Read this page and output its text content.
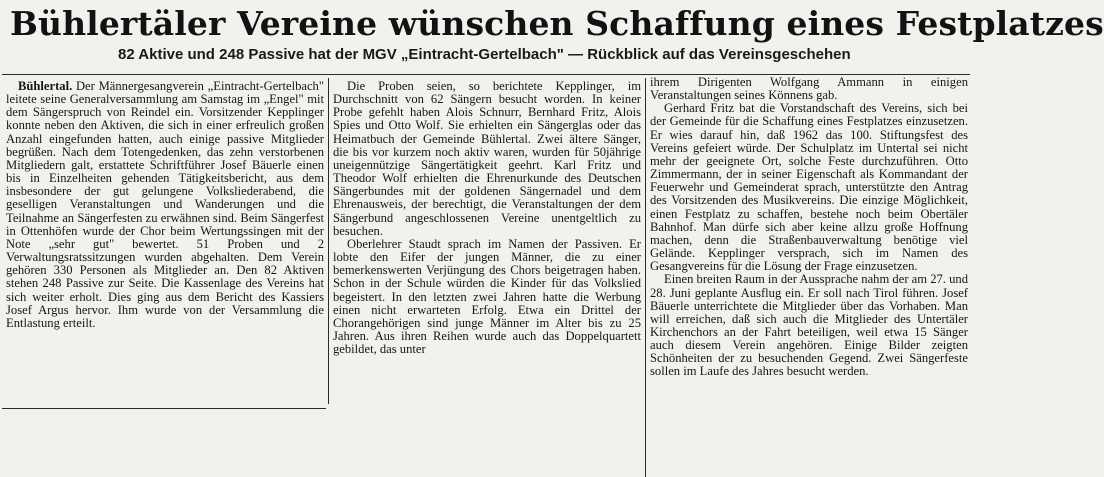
Bühlertäler Vereine wünschen Schaffung eines Festplatzes
82 Aktive und 248 Passive hat der MGV „Eintracht-Gertelbach" — Rückblick auf das Vereinsgeschehen

Bühlertal. Der Männergesangverein „Eintracht-Gertelbach" leitete seine Generalversammlung am Samstag im „Engel" mit dem Sängerspruch von Reindel ein. Vorsitzender Kepplinger konnte neben den Aktiven, die sich in einer erfreulich großen Anzahl eingefunden hatten, auch einige passive Mitglieder begrüßen. Nach dem Totengedenken, das zehn verstorbenen Mitgliedern galt, erstattete Schriftführer Josef Bäuerle einen bis in Einzelheiten gehenden Tätigkeitsbericht, aus dem insbesondere der gut gelungene Volksliederabend, die geselligen Veranstaltungen und Wanderungen und die Teilnahme an Sängerfesten zu erwähnen sind. Beim Sängerfest in Ottenhöfen wurde der Chor beim Wertungssingen mit der Note „sehr gut" bewertet. 51 Proben und 2 Verwaltungsratssitzungen wurden abgehalten. Dem Verein gehören 330 Personen als Mitglieder an. Den 82 Aktiven stehen 248 Passive zur Seite. Die Kassenlage des Vereins hat sich weiter erholt. Dies ging aus dem Bericht des Kassiers Josef Argus hervor. Ihm wurde von der Versammlung die Entlastung erteilt.

Die Proben seien, so berichtete Kepplinger, im Durchschnitt von 62 Sängern besucht worden. In keiner Probe gefehlt haben Alois Schnurr, Bernhard Fritz, Alois Spies und Otto Wolf. Sie erhielten ein Sängerglas oder das Heimatbuch der Gemeinde Bühlertal. Zwei ältere Sänger, die bis vor kurzem noch aktiv waren, wurden für 50jährige uneigennützige Sängertätigkeit geehrt. Karl Fritz und Theodor Wolf erhielten die Ehrenurkunde des Deutschen Sängerbundes mit der goldenen Sängernadel und dem Ehrenausweis, der berechtigt, die Veranstaltungen der dem Sängerbund angeschlossenen Vereine unentgeltlich zu besuchen.

Oberlehrer Staudt sprach im Namen der Passiven. Er lobte den Eifer der jungen Männer, die zu einer bemerkenswerten Verjüngung des Chors beigetragen haben. Schon in der Schule würden die Kinder für das Volkslied begeistert. In den letzten zwei Jahren hatte die Werbung einen nicht erwarteten Erfolg. Etwa ein Drittel der Chorangehörigen sind junge Männer im Alter bis zu 25 Jahren. Aus ihren Reihen wurde auch das Doppelquartett gebildet, das unter

ihrem Dirigenten Wolfgang Ammann in einigen Veranstaltungen seines Könnens gab.

Gerhard Fritz bat die Vorstandschaft des Vereins, sich bei der Gemeinde für die Schaffung eines Festplatzes einzusetzen. Er wies darauf hin, daß 1962 das 100. Stiftungsfest des Vereins gefeiert würde. Der Schulplatz im Untertal sei nicht mehr der geeignete Ort, solche Feste durchzuführen. Otto Zimmermann, der in seiner Eigenschaft als Kommandant der Feuerwehr und Gemeinderat sprach, unterstützte den Antrag des Vorsitzenden des Musikvereins. Die einzige Möglichkeit, einen Festplatz zu schaffen, bestehe noch beim Obertäler Bahnhof. Man dürfe sich aber keine allzu große Hoffnung machen, denn die Straßenbauverwaltung benötige viel Gelände. Kepplinger versprach, sich im Namen des Gesangvereins für die Lösung der Frage einzusetzen.

Einen breiten Raum in der Aussprache nahm der am 27. und 28. Juni geplante Ausflug ein. Er soll nach Tirol führen. Josef Bäuerle unterrichtete die Mitglieder über das Vorhaben. Man will erreichen, daß sich auch die Mitglieder des Untertäler Kirchenchors an der Fahrt beteiligen, weil etwa 15 Sänger auch diesem Verein angehören. Einige Bilder zeigten Schönheiten der zu besuchenden Gegend. Zwei Sängerfeste sollen im Laufe des Jahres besucht werden.
